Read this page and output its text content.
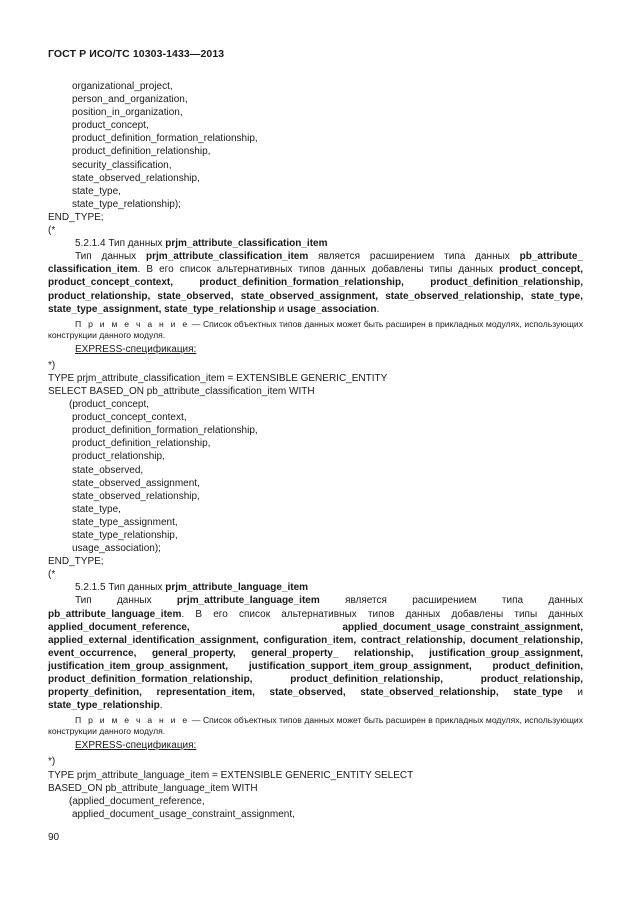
ГОСТ Р ИСО/ТС 10303-1433—2013
organizational_project,
person_and_organization,
position_in_organization,
product_concept,
product_definition_formation_relationship,
product_definition_relationship,
security_classification,
state_observed_relationship,
state_type,
state_type_relationship);
END_TYPE;
(*
5.2.1.4 Тип данных prjm_attribute_classification_item
Тип данных prjm_attribute_classification_item является расширением типа данных pb_attribute_ classification_item. В его список альтернативных типов данных добавлены типы данных product_concept, product_concept_context, product_definition_formation_relationship, product_definition_relationship, product_relationship, state_observed, state_observed_assignment, state_observed_relationship, state_type, state_type_assignment, state_type_relationship и usage_association.
П р и м е ч а н и е — Список объектных типов данных может быть расширен в прикладных модулях, использующих конструкции данного модуля.
EXPRESS-спецификация:
*)
TYPE prjm_attribute_classification_item = EXTENSIBLE GENERIC_ENTITY
SELECT BASED_ON pb_attribute_classification_item WITH
(product_concept,
product_concept_context,
product_definition_formation_relationship,
product_definition_relationship,
product_relationship,
state_observed,
state_observed_assignment,
state_observed_relationship,
state_type,
state_type_assignment,
state_type_relationship,
usage_association);
END_TYPE;
(*
5.2.1.5 Тип данных prjm_attribute_language_item
Тип данных prjm_attribute_language_item является расширением типа данных pb_attribute_language_item. В его список альтернативных типов данных добавлены типы данных applied_document_reference, applied_document_usage_constraint_assignment, applied_external_identification_assignment, configuration_item, contract_relationship, document_relationship, event_occurrence, general_property, general_property_ relationship, justification_group_assignment, justification_item_group_assignment, justification_support_item_group_assignment, product_definition, product_definition_formation_relationship, product_definition_relationship, product_relationship, property_definition, representation_item, state_observed, state_observed_relationship, state_type и state_type_relationship.
П р и м е ч а н и е — Список объектных типов данных может быть расширен в прикладных модулях, использующих конструкции данного модуля.
EXPRESS-спецификация:
*)
TYPE prjm_attribute_language_item = EXTENSIBLE GENERIC_ENTITY SELECT
BASED_ON pb_attribute_language_item WITH
(applied_document_reference,
applied_document_usage_constraint_assignment,
90
